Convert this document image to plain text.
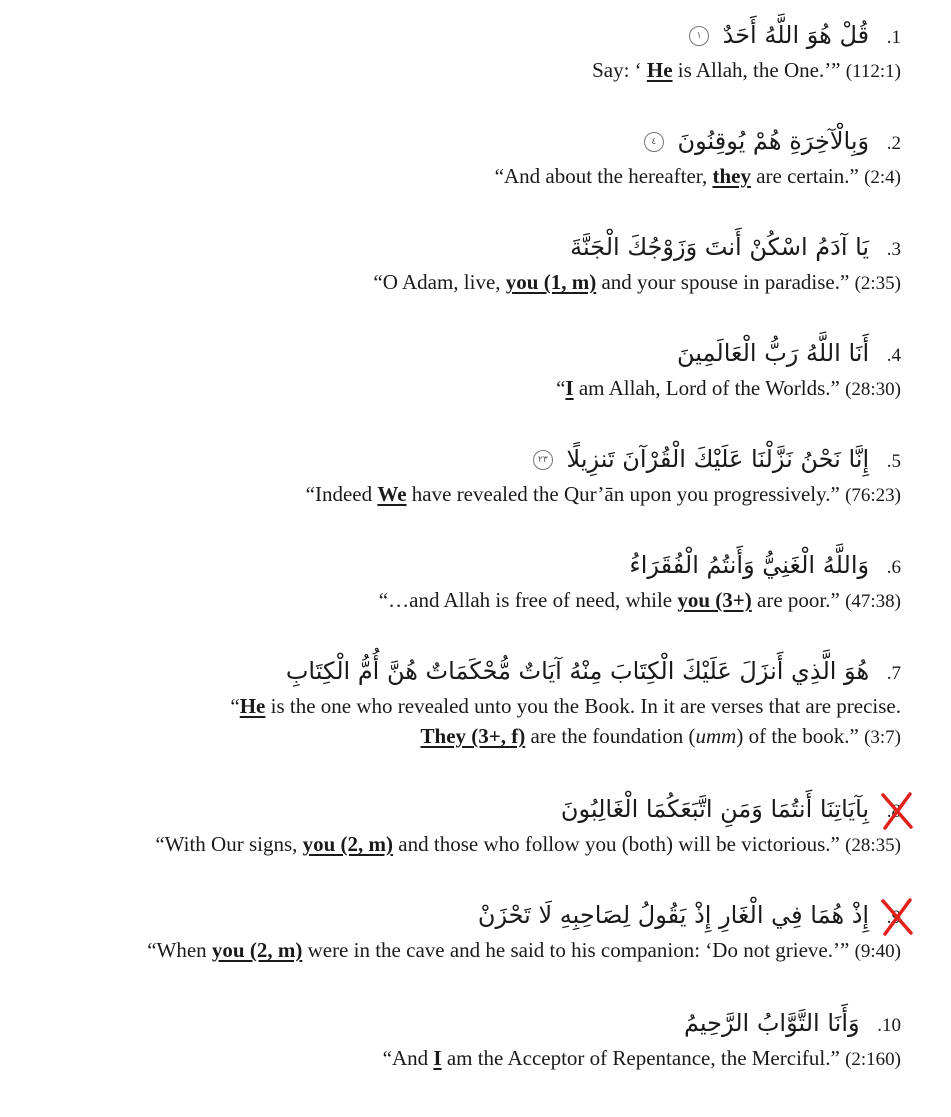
1. قُلْ هُوَ اللَّهُ أَحَدٌ ١
Say: ‘ He is Allah, the One.’” (112:1)
2. وَبِالْآخِرَةِ هُمْ يُوقِنُونَ ٤
“And about the hereafter, they are certain.” (2:4)
3. يَا آدَمُ اسْكُنْ أَنتَ وَزَوْجُكَ الْجَنَّةَ
“O Adam, live, you (1, m) and your spouse in paradise.” (2:35)
4. أَنَا اللَّهُ رَبُّ الْعَالَمِينَ
“I am Allah, Lord of the Worlds.” (28:30)
5. إِنَّا نَحْنُ نَزَّلْنَا عَلَيْكَ الْقُرْآنَ تَنزِيلًا ٢٣
“Indeed We have revealed the Qur’ān upon you progressively.” (76:23)
6. وَاللَّهُ الْغَنِيُّ وَأَنتُمُ الْفُقَرَاءُ
“…and Allah is free of need, while you (3+) are poor.” (47:38)
7. هُوَ الَّذِي أَنزَلَ عَلَيْكَ الْكِتَابَ مِنْهُ آيَاتٌ مُّحْكَمَاتٌ هُنَّ أُمُّ الْكِتَابِ
“He is the one who revealed unto you the Book. In it are verses that are precise.
They (3+, f) are the foundation (umm) of the book.” (3:7)
8.
بِآيَاتِنَا أَنتُمَا وَمَنِ اتَّبَعَكُمَا الْغَالِبُونَ
“With Our signs, you (2, m) and those who follow you (both) will be victorious.” (28:35)
9.
إِذْ هُمَا فِي الْغَارِ إِذْ يَقُولُ لِصَاحِبِهِ لَا تَحْزَنْ
“When you (2, m) were in the cave and he said to his companion: ‘Do not grieve.’” (9:40)
10. وَأَنَا التَّوَّابُ الرَّحِيمُ
“And I am the Acceptor of Repentance, the Merciful.” (2:160)
